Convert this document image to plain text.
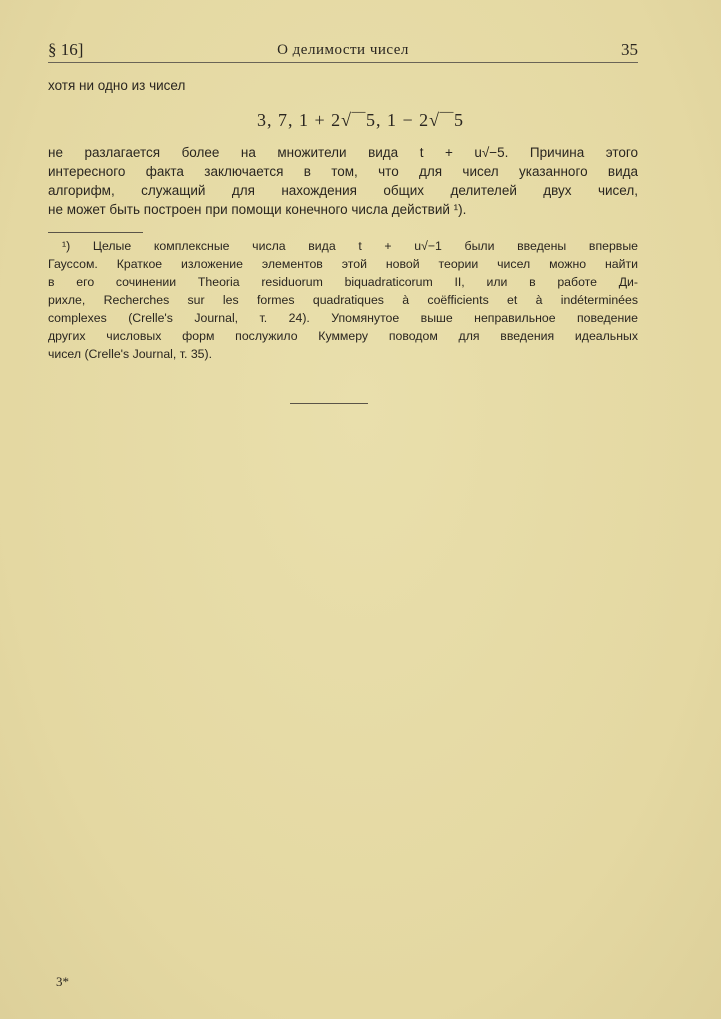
§ 16]	О делимости чисел	35
хотя ни одно из чисел
3, 7, 1 + 2√‾‾5, 1 − 2√‾‾5
не разлагается более на множители вида t + u√−5. Причина этого
интересного факта заключается в том, что для чисел указанного вида
алгорифм, служащий для нахождения общих делителей двух чисел,
не может быть построен при помощи конечного числа действий ¹).
¹) Целые комплексные числа вида t + u√−1 были введены впервые
Гауссом. Краткое изложение элементов этой новой теории чисел можно найти
в его сочинении Theoria residuorum biquadraticorum II, или в работе Ди-
рихле, Recherches sur les formes quadratiques à coëfficients et à indéterminées
complexes (Crelle's Journal, т. 24). Упомянутое выше неправильное поведение
других числовых форм послужило Куммеру поводом для введения идеальных
чисел (Crelle's Journal, т. 35).
3*
